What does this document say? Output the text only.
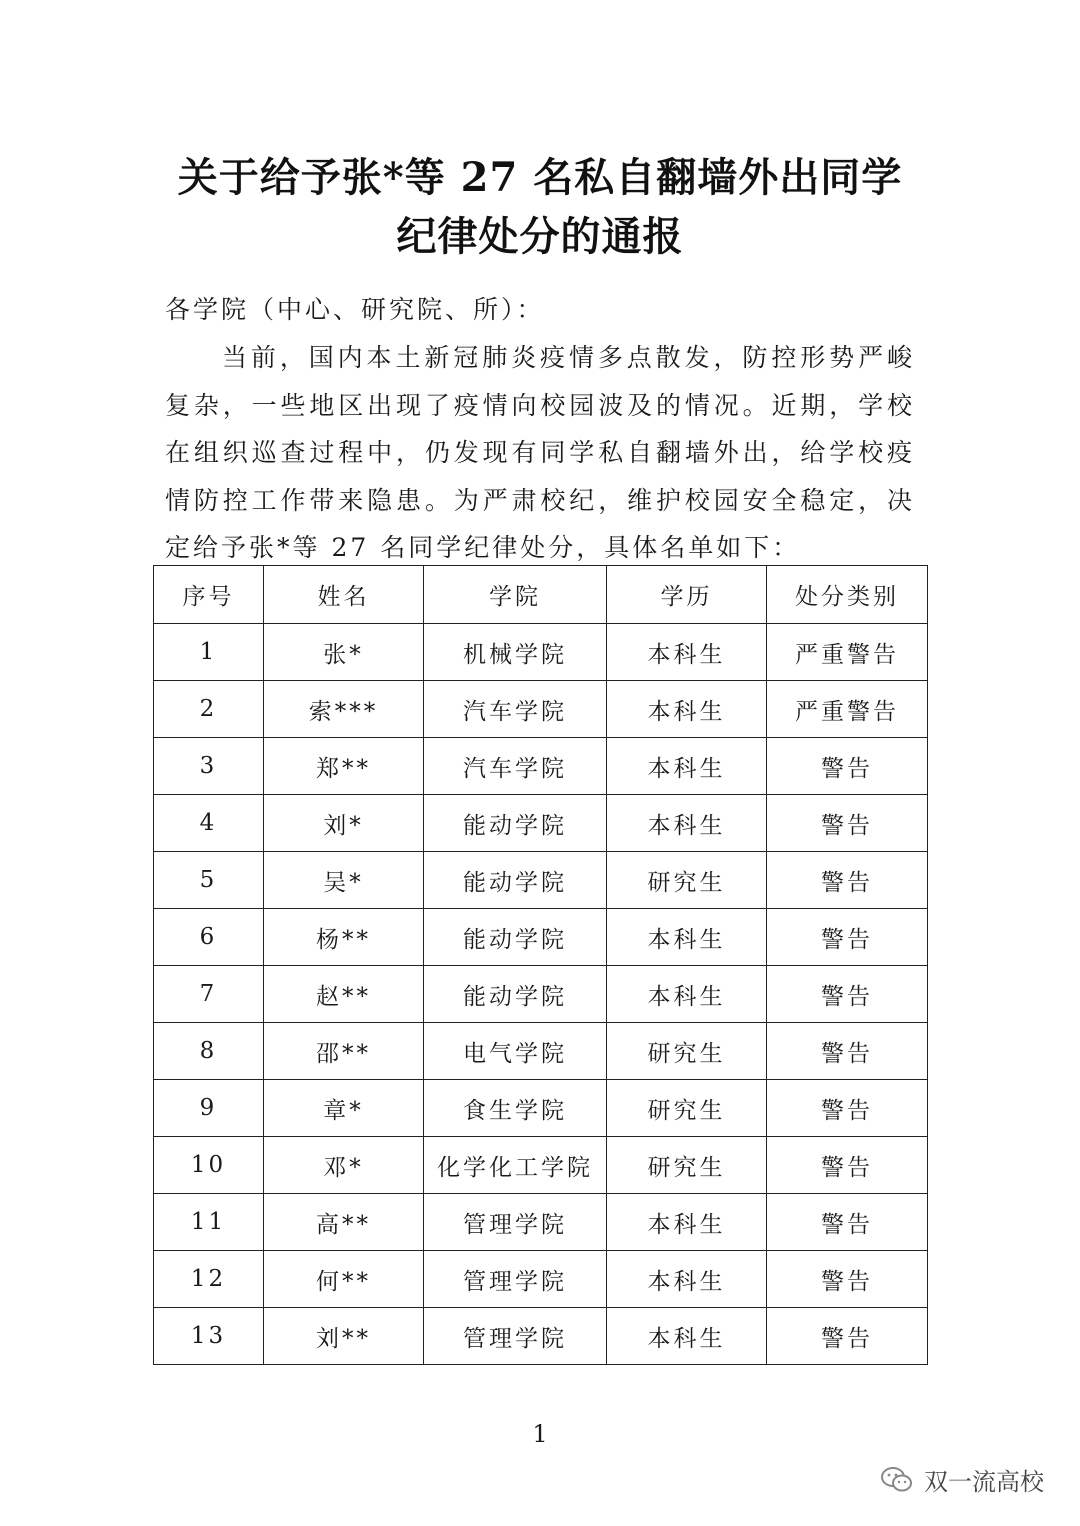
关于给予张*等 27 名私自翻墙外出同学
纪律处分的通报
各学院（中心、研究院、所）：
当前，国内本土新冠肺炎疫情多点散发，防控形势严峻
复杂，一些地区出现了疫情向校园波及的情况。近期，学校
在组织巡查过程中，仍发现有同学私自翻墙外出，给学校疫
情防控工作带来隐患。为严肃校纪，维护校园安全稳定，决
定给予张*等 27 名同学纪律处分，具体名单如下：
序号	姓名	学院	学历	处分类别
1	张*	机械学院	本科生	严重警告
2	索***	汽车学院	本科生	严重警告
3	郑**	汽车学院	本科生	警告
4	刘*	能动学院	本科生	警告
5	吴*	能动学院	研究生	警告
6	杨**	能动学院	本科生	警告
7	赵**	能动学院	本科生	警告
8	邵**	电气学院	研究生	警告
9	章*	食生学院	研究生	警告
10	邓*	化学化工学院	研究生	警告
11	高**	管理学院	本科生	警告
12	何**	管理学院	本科生	警告
13	刘**	管理学院	本科生	警告
1
双一流高校
